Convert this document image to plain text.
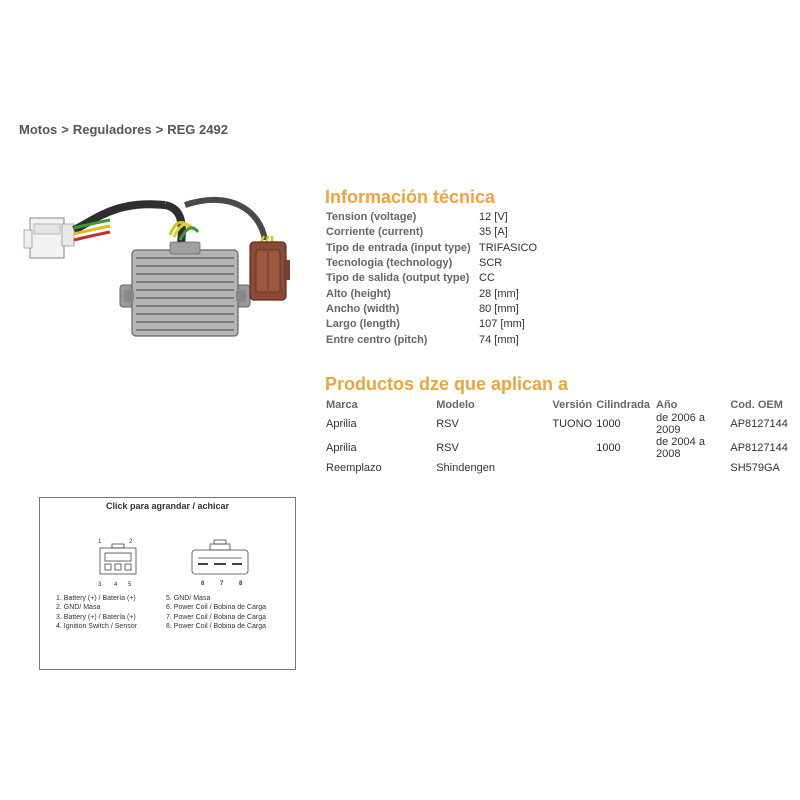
Motos > Reguladores > REG 2492
Información técnica
Tension (voltage)	12 [V]
Corriente (current)	35 [A]
Tipo de entrada (input type)	TRIFASICO
Tecnologia (technology)	SCR
Tipo de salida (output type)	CC
Alto (height)	28 [mm]
Ancho (width)	80 [mm]
Largo (length)	107 [mm]
Entre centro (pitch)	74 [mm]
Productos dze que aplican a
Marca	Modelo	Versión	Cilindrada	Año	Cod. OEM
Aprilia	RSV	TUONO	1000	de 2006 a 2009	AP8127144
Aprilia	RSV		1000	de 2004 a 2008	AP8127144
Reemplazo	Shindengen				SH579GA
Click para agrandar / achicar
1	2
3 4 5	6	7	8
1. Battery (+) / Batería (+)
2. GND/ Masa
3. Battery (+) / Batería (+)
4. Ignition Switch / Sensor
5. GND/ Masa
6. Power Coil / Bobina de Carga
7. Power Coil / Bobina de Carga
8. Power Coil / Bobina de Carga
